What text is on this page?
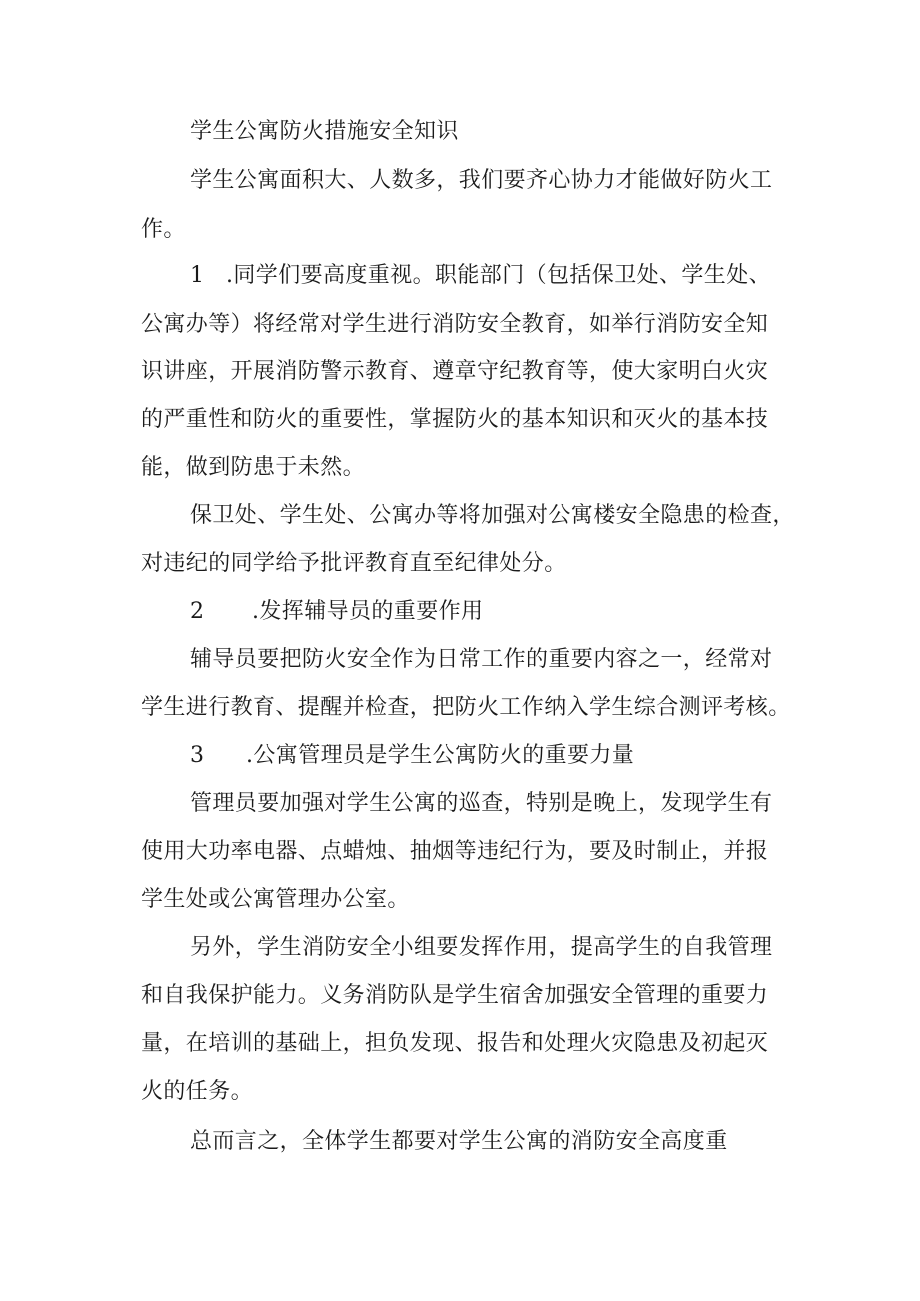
学生公寓防火措施安全知识

学生公寓面积大、人数多，我们要齐心协力才能做好防火工

作。

1 .同学们要高度重视。职能部门（包括保卫处、学生处、

公寓办等）将经常对学生进行消防安全教育，如举行消防安全知

识讲座，开展消防警示教育、遵章守纪教育等，使大家明白火灾

的严重性和防火的重要性，掌握防火的基本知识和灭火的基本技

能，做到防患于未然。

保卫处、学生处、公寓办等将加强对公寓楼安全隐患的检查，

对违纪的同学给予批评教育直至纪律处分。

2 .发挥辅导员的重要作用

辅导员要把防火安全作为日常工作的重要内容之一，经常对

学生进行教育、提醒并检查，把防火工作纳入学生综合测评考核。

3 .公寓管理员是学生公寓防火的重要力量

管理员要加强对学生公寓的巡查，特别是晚上，发现学生有

使用大功率电器、点蜡烛、抽烟等违纪行为，要及时制止，并报

学生处或公寓管理办公室。

另外，学生消防安全小组要发挥作用，提高学生的自我管理

和自我保护能力。义务消防队是学生宿舍加强安全管理的重要力

量，在培训的基础上，担负发现、报告和处理火灾隐患及初起灭

火的任务。

总而言之，全体学生都要对学生公寓的消防安全高度重
